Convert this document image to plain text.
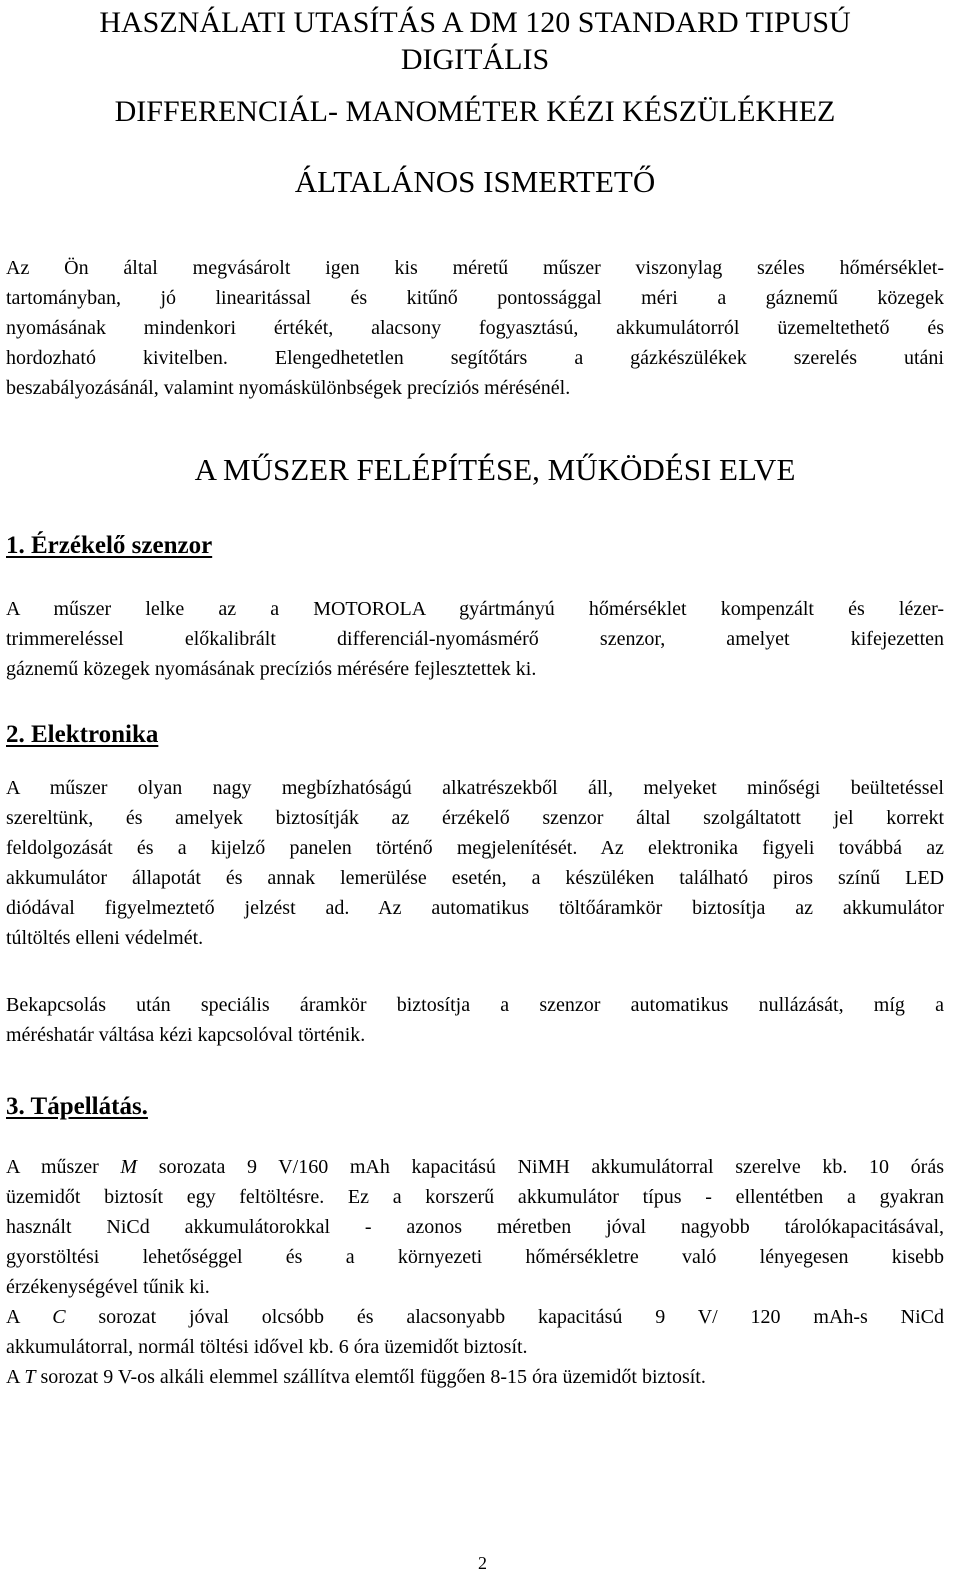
HASZNÁLATI UTASÍTÁS A DM 120 STANDARD TIPUSÚ
DIGITÁLIS
DIFFERENCIÁL- MANOMÉTER KÉZI KÉSZÜLÉKHEZ
ÁLTALÁNOS ISMERTETŐ
Az Ön által megvásárolt igen kis méretű műszer viszonylag széles hőmérséklet-
tartományban, jó linearitással és kitűnő pontossággal méri a gáznemű közegek
nyomásának mindenkori értékét, alacsony fogyasztású, akkumulátorról üzemeltethető és
hordozható kivitelben. Elengedhetetlen segítőtárs a gázkészülékek szerelés utáni
beszabályozásánál, valamint nyomáskülönbségek precíziós mérésénél.
A MŰSZER FELÉPÍTÉSE, MŰKÖDÉSI ELVE
1. Érzékelő szenzor
A műszer lelke az a MOTOROLA gyártmányú hőmérséklet kompenzált és lézer-
trimmereléssel előkalibrált differenciál-nyomásmérő szenzor, amelyet kifejezetten
gáznemű közegek nyomásának precíziós mérésére fejlesztettek ki.
2. Elektronika
A műszer olyan nagy megbízhatóságú alkatrészekből áll, melyeket minőségi beültetéssel
szereltünk, és amelyek biztosítják az érzékelő szenzor által szolgáltatott jel korrekt
feldolgozását és a kijelző panelen történő megjelenítését. Az elektronika figyeli továbbá az
akkumulátor állapotát és annak lemerülése esetén, a készüléken található piros színű LED
diódával figyelmeztető jelzést ad. Az automatikus töltőáramkör biztosítja az akkumulátor
túltöltés elleni védelmét.
Bekapcsolás után speciális áramkör biztosítja a szenzor automatikus nullázását, míg a
méréshatár váltása kézi kapcsolóval történik.
3. Tápellátás.
A műszer M sorozata 9 V/160 mAh kapacitású NiMH akkumulátorral szerelve kb. 10 órás
üzemidőt biztosít egy feltöltésre. Ez a korszerű akkumulátor típus - ellentétben a gyakran
használt NiCd akkumulátorokkal - azonos méretben jóval nagyobb tárolókapacitásával,
gyorstöltési lehetőséggel és a környezeti hőmérsékletre való lényegesen kisebb
érzékenységével tűnik ki.
A C sorozat jóval olcsóbb és alacsonyabb kapacitású 9 V/ 120 mAh-s NiCd
akkumulátorral, normál töltési idővel kb. 6 óra üzemidőt biztosít.
A T sorozat 9 V-os alkáli elemmel szállítva elemtől függően 8-15 óra üzemidőt biztosít.
2
